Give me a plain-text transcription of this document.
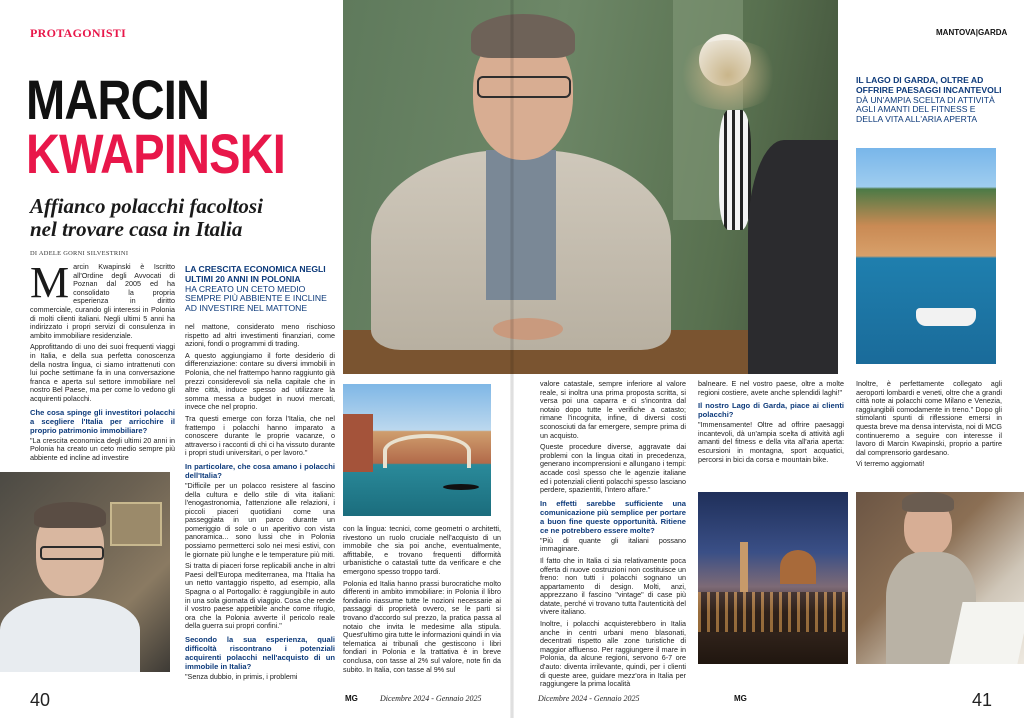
PROTAGONISTI
MARCIN
KWAPINSKI
Affianco polacchi facoltosi
nel trovare casa in Italia
DI ADELE GORNI SILVESTRINI

Marcin Kwapinski è Iscritto all'Ordine degli Avvocati di Poznan dal 2005 ed ha consolidato la propria esperienza in diritto commerciale, curando gli interessi in Polonia di molti clienti italiani. Negli ultimi 5 anni ha indirizzato i propri servizi di consulenza in ambito immobiliare residenziale.

Approfittando di uno dei suoi frequenti viaggi in Italia, e della sua perfetta conoscenza della nostra lingua, ci siamo intrattenuti con lui poche settimane fa in una conversazione franca e aperta sul settore immobiliare nel nostro Bel Paese, ma per come lo vedono gli acquirenti polacchi.

Che cosa spinge gli investitori polacchi a scegliere l'Italia per arricchire il proprio patrimonio immobiliare?

"La crescita economica degli ultimi 20 anni in Polonia ha creato un ceto medio sempre più abbiente ed incline ad investire

LA CRESCITA ECONOMICA NEGLI ULTIMI 20 ANNI IN POLONIA
HA CREATO UN CETO MEDIO SEMPRE PIÙ ABBIENTE E INCLINE AD INVESTIRE NEL MATTONE

nel mattone, considerato meno rischioso rispetto ad altri investimenti finanziari, come azioni, fondi o programmi di trading.

A questo aggiungiamo il forte desiderio di differenziazione: contare su diversi immobili in Polonia, che nel frattempo hanno raggiunto già prezzi considerevoli sia nella capitale che in altre città, induce spesso ad utilizzare la somma messa a budget in nuovi mercati, invece che nel proprio.

Tra questi emerge con forza l'Italia, che nel frattempo i polacchi hanno imparato a conoscere durante le proprie vacanze, o attraverso i racconti di chi ci ha vissuto durante i propri studi universitari, o per lavoro."

In particolare, che cosa amano i polacchi dell'Italia?

"Difficile per un polacco resistere al fascino della cultura e dello stile di vita italiani: l'enogastronomia, l'attenzione alle relazioni, i piccoli piaceri quotidiani come una passeggiata in un parco durante un pomeriggio di sole o un aperitivo con vista panoramica... sono lussi che in Polonia possiamo permetterci solo nei mesi estivi, con le giornate più lunghe e le temperature più miti.

Si tratta di piaceri forse replicabili anche in altri Paesi dell'Europa mediterranea, ma l'Italia ha un netto vantaggio rispetto, ad esempio, alla Spagna o al Portogallo: è raggiungibile in auto in una sola giornata di viaggio. Cosa che rende il vostro paese appetibile anche come rifugio, ora che la Polonia avverte il pericolo reale della guerra sui propri confini."

Secondo la sua esperienza, quali difficoltà riscontrano i potenziali acquirenti polacchi nell'acquisto di un immobile in Italia?

"Senza dubbio, in primis, i problemi

con la lingua: tecnici, come geometri o architetti, rivestono un ruolo cruciale nell'acquisto di un immobile che sia poi anche, eventualmente, affittabile, e trovano frequenti difformità urbanistiche o catastali tutte da verificare e che emergono spesso troppo tardi.

Polonia ed Italia hanno prassi burocratiche molto differenti in ambito immobiliare: in Polonia il libro fondiario riassume tutte le nozioni necessarie ai passaggi di proprietà ovvero, se le parti si trovano d'accordo sul prezzo, la pratica passa al notaio che invita le medesime alla stipula. Quest'ultimo gira tutte le informazioni quindi in via telematica ai tribunali che gestiscono i libri fondiari in Polonia e la trattativa è in breve conclusa, con tasse al 2% sul valore, note fin da subito. In Italia, con tasse al 9% sul

40	MG	Dicembre 2024 - Gennaio 2025
MANTOVA|GARDA
IL LAGO DI GARDA, OLTRE AD OFFRIRE PAESAGGI INCANTEVOLI
DÀ UN'AMPIA SCELTA DI ATTIVITÀ AGLI AMANTI DEL FITNESS E DELLA VITA ALL'ARIA APERTA

valore catastale, sempre inferiore al valore reale, si inoltra una prima proposta scritta, si versa poi una caparra e ci s'incontra dal notaio dopo tutte le verifiche a catasto; rimane l'incognita, infine, di diversi costi sconosciuti da far emergere, sempre prima di un acquisto.

Queste procedure diverse, aggravate dai problemi con la lingua citati in precedenza, generano incomprensioni e allungano i tempi: accade così spesso che le agenzie italiane ed i potenziali clienti polacchi spesso lasciano perdere, spazientiti, l'intero affare."

In effetti sarebbe sufficiente una comunicazione più semplice per portare a buon fine queste opportunità. Ritiene ce ne potrebbero essere molte?

"Più di quante gli italiani possano immaginare.

Il fatto che in Italia ci sia relativamente poca offerta di nuove costruzioni non costituisce un freno: non tutti i polacchi sognano un appartamento di design. Molti, anzi, apprezzano il fascino "vintage" di case più datate, perché vi trovano tutta l'autenticità del vivere italiano.

Inoltre, i polacchi acquisterebbero in Italia anche in centri urbani meno blasonati, decentrati rispetto alle zone turistiche di maggior affluenso. Per raggiungere il mare in Polonia, da alcune regioni, servono 6-7 ore d'auto: diventa irrilevante, quindi, per i clienti di queste aree, guidare mezz'ora in Italia per raggiungere la prima località

balneare. E nel vostro paese, oltre a molte regioni costiere, avete anche splendidi laghi!"

Il nostro Lago di Garda, piace ai clienti polacchi?

"Immensamente! Oltre ad offrire paesaggi incantevoli, dà un'ampia scelta di attività agli amanti del fitness e della vita all'aria aperta: escursioni in montagna, sport acquatici, percorsi in bici da corsa e mountain bike.

Inoltre, è perfettamente collegato agli aeroporti lombardi e veneti, oltre che a grandi città note ai polacchi come Milano e Venezia, raggiungibili comodamente in treno." Dopo gli stimolanti spunti di riflessione emersi in questa breve ma densa intervista, noi di MCG continueremo a seguire con interesse il lavoro di Marcin Kwapinski, proprio a partire dal comprensorio gardesano.

Vi terremo aggiornati!

Dicembre 2024 - Gennaio 2025	MG	41
